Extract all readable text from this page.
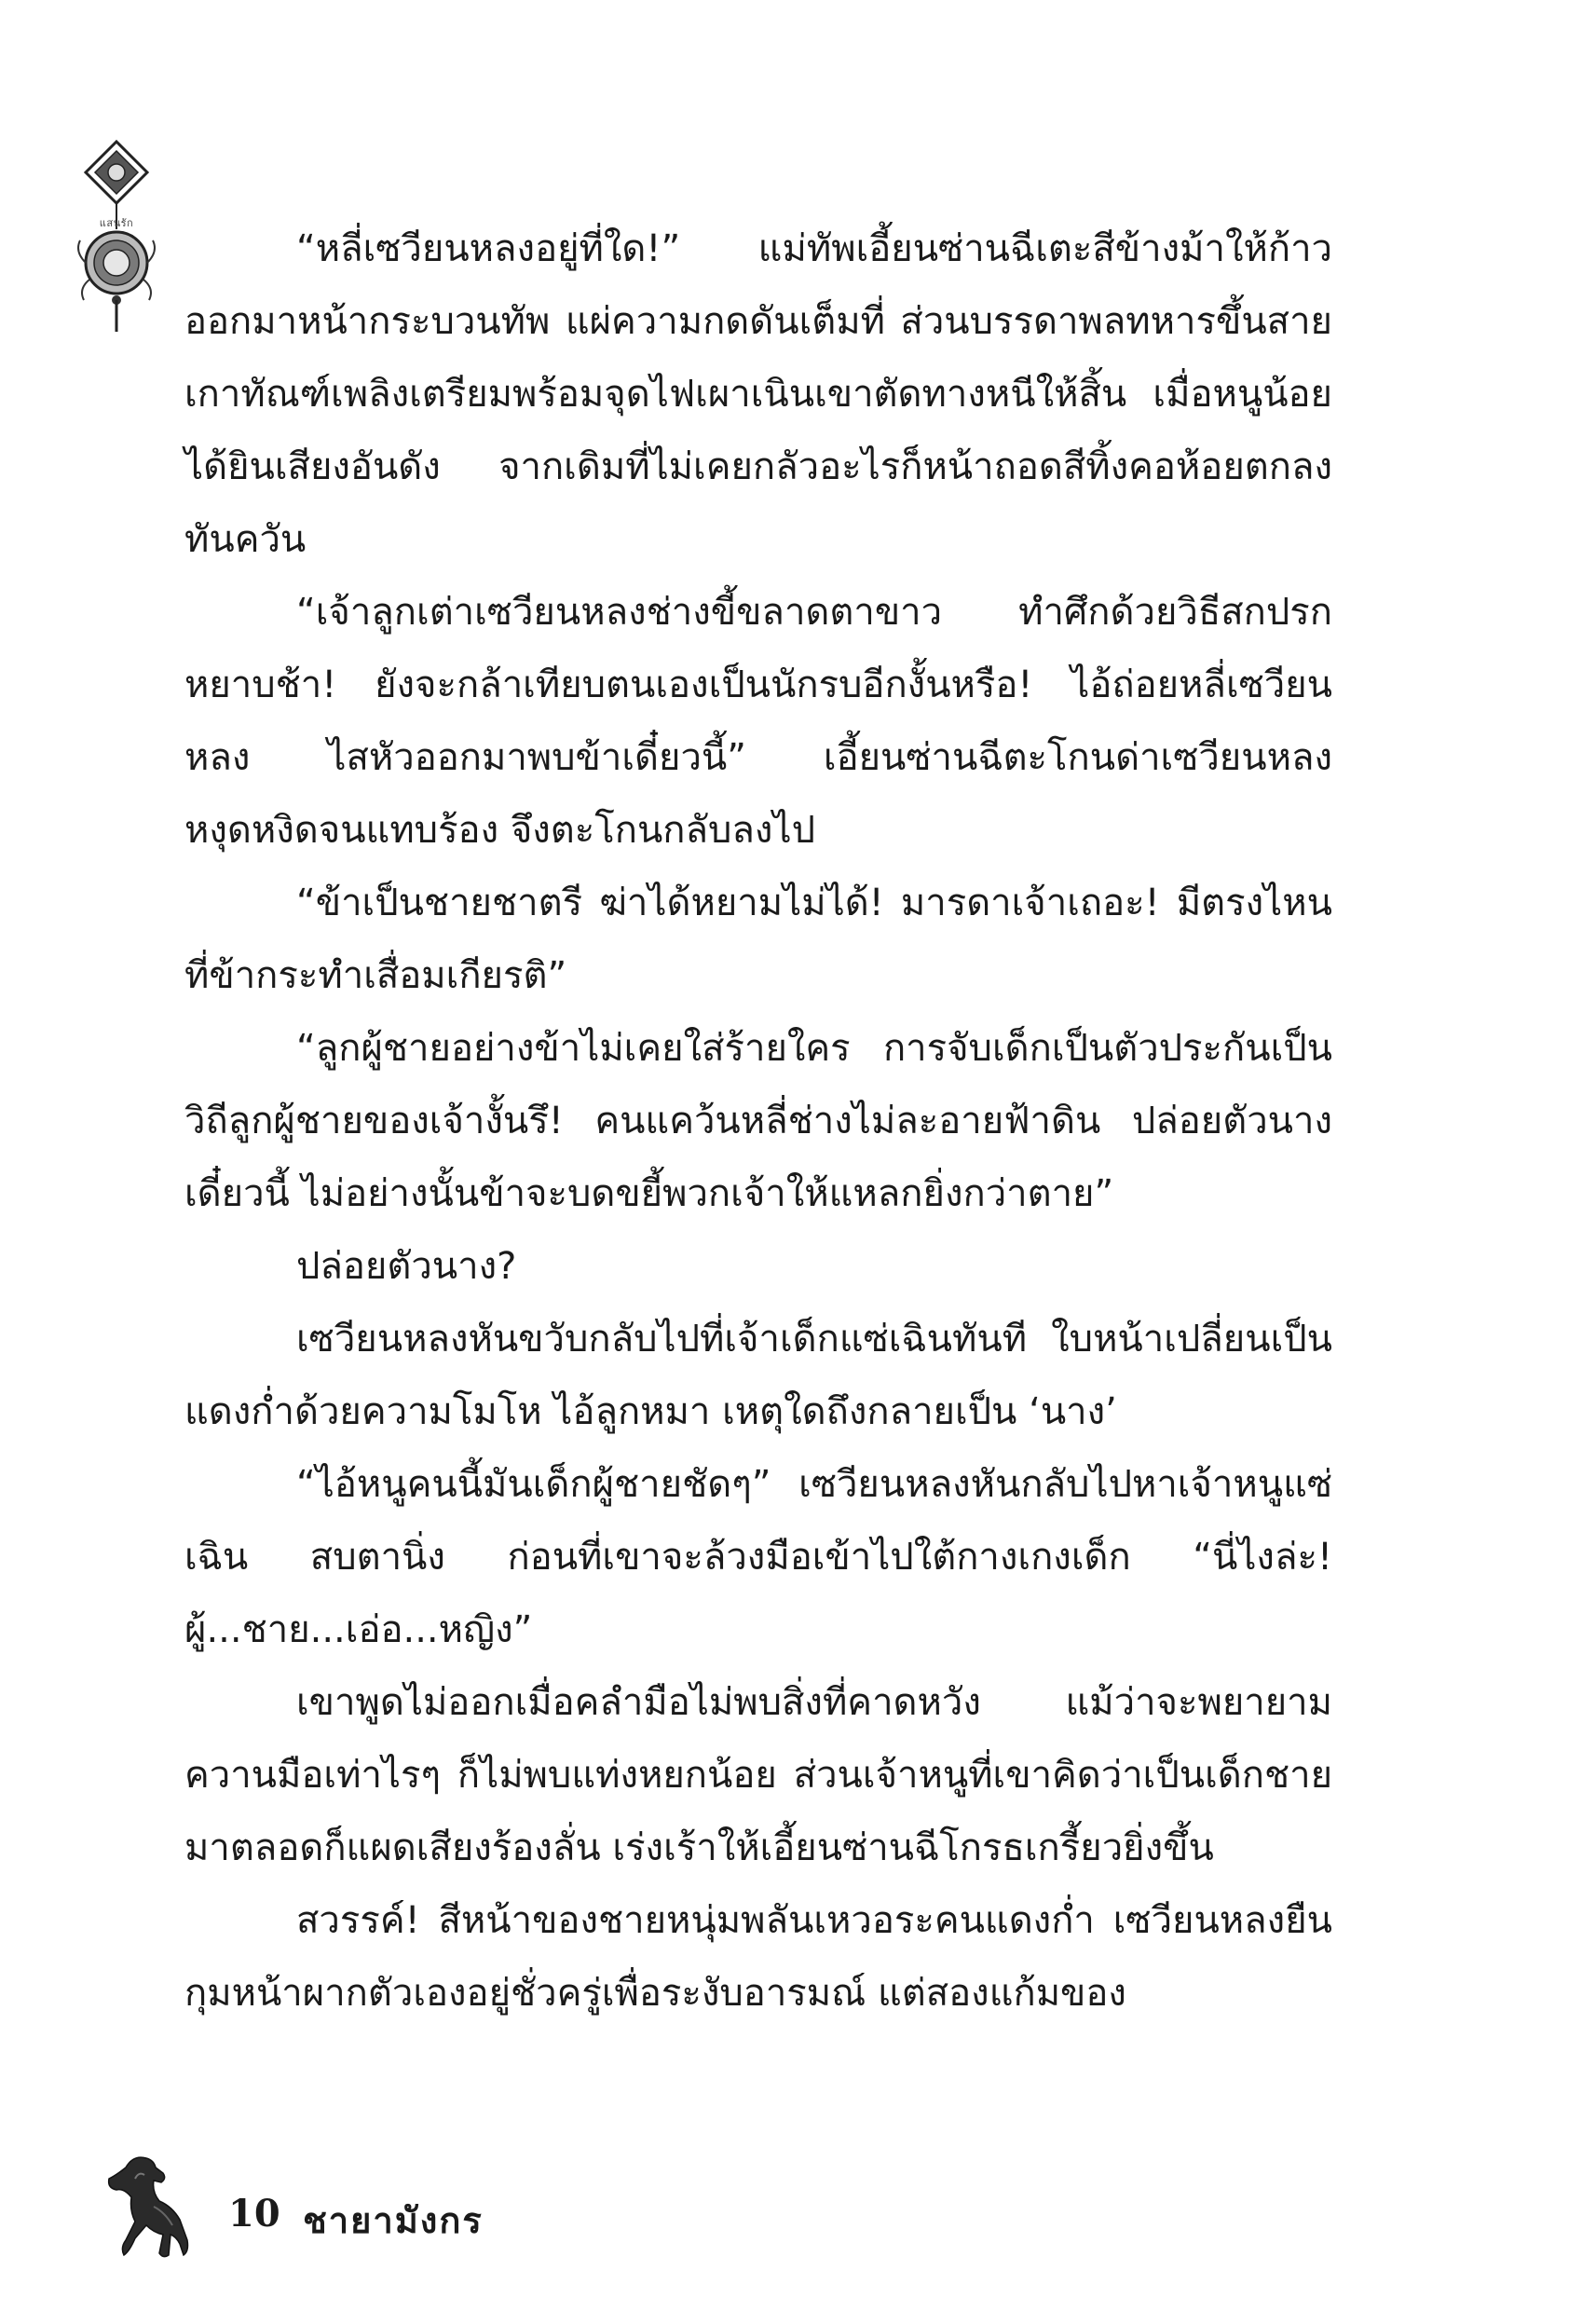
แสนรัก

“หลี่เซวียนหลงอยู่ที่ใด!” แม่ทัพเอี้ยนซ่านฉีเตะสีข้างม้าให้ก้าวออกมาหน้ากระบวนทัพ แผ่ความกดดันเต็มที่ ส่วนบรรดาพลทหารขึ้นสายเกาทัณฑ์เพลิงเตรียมพร้อมจุดไฟเผาเนินเขาตัดทางหนีให้สิ้น เมื่อหนูน้อยได้ยินเสียงอันดัง จากเดิมที่ไม่เคยกลัวอะไรก็หน้าถอดสีทิ้งคอห้อยตกลงทันควัน

“เจ้าลูกเต่าเซวียนหลงช่างขี้ขลาดตาขาว ทำศึกด้วยวิธีสกปรกหยาบช้า! ยังจะกล้าเทียบตนเองเป็นนักรบอีกงั้นหรือ! ไอ้ถ่อยหลี่เซวียนหลง ไสหัวออกมาพบข้าเดี๋ยวนี้” เอี้ยนซ่านฉีตะโกนด่าเซวียนหลงหงุดหงิดจนแทบร้อง จึงตะโกนกลับลงไป

“ข้าเป็นชายชาตรี ฆ่าได้หยามไม่ได้! มารดาเจ้าเถอะ! มีตรงไหนที่ข้ากระทำเสื่อมเกียรติ”

“ลูกผู้ชายอย่างข้าไม่เคยใส่ร้ายใคร การจับเด็กเป็นตัวประกันเป็นวิถีลูกผู้ชายของเจ้างั้นรึ! คนแคว้นหลี่ช่างไม่ละอายฟ้าดิน ปล่อยตัวนางเดี๋ยวนี้ ไม่อย่างนั้นข้าจะบดขยี้พวกเจ้าให้แหลกยิ่งกว่าตาย”

ปล่อยตัวนาง?

เซวียนหลงหันขวับกลับไปที่เจ้าเด็กแซ่เฉินทันที ใบหน้าเปลี่ยนเป็นแดงก่ำด้วยความโมโห ไอ้ลูกหมา เหตุใดถึงกลายเป็น ‘นาง’

“ไอ้หนูคนนี้มันเด็กผู้ชายชัดๆ” เซวียนหลงหันกลับไปหาเจ้าหนูแซ่เฉิน สบตานิ่ง ก่อนที่เขาจะล้วงมือเข้าไปใต้กางเกงเด็ก “นี่ไงล่ะ! ผู้...ชาย...เอ่อ...หญิง”

เขาพูดไม่ออกเมื่อคลำมือไม่พบสิ่งที่คาดหวัง แม้ว่าจะพยายามควานมือเท่าไรๆ ก็ไม่พบแท่งหยกน้อย ส่วนเจ้าหนูที่เขาคิดว่าเป็นเด็กชายมาตลอดก็แผดเสียงร้องลั่น เร่งเร้าให้เอี้ยนซ่านฉีโกรธเกรี้ยวยิ่งขึ้น

สวรรค์! สีหน้าของชายหนุ่มพลันเหวอระคนแดงก่ำ เซวียนหลงยืนกุมหน้าผากตัวเองอยู่ชั่วครู่เพื่อระงับอารมณ์ แต่สองแก้มของ

10 ชายามังกร
